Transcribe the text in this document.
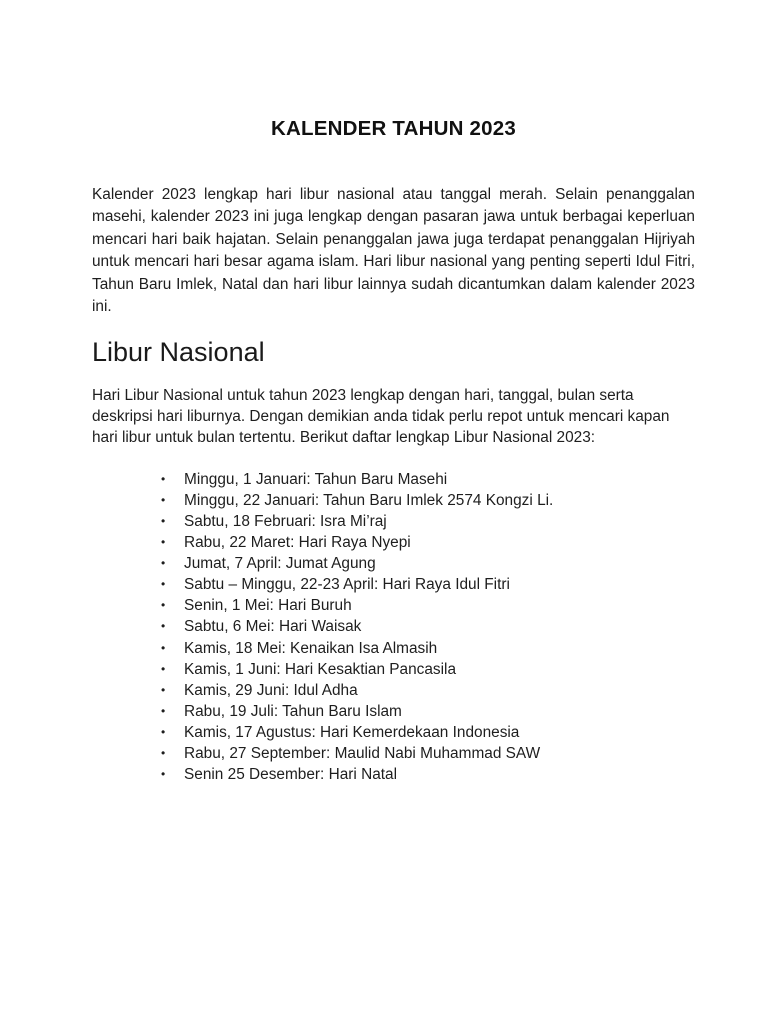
KALENDER TAHUN 2023

Kalender 2023 lengkap hari libur nasional atau tanggal merah. Selain penanggalan masehi, kalender 2023 ini juga lengkap dengan pasaran jawa untuk berbagai keperluan mencari hari baik hajatan. Selain penanggalan jawa juga terdapat penanggalan Hijriyah untuk mencari hari besar agama islam. Hari libur nasional yang penting seperti Idul Fitri, Tahun Baru Imlek, Natal dan hari libur lainnya sudah dicantumkan dalam kalender 2023 ini.

Libur Nasional

Hari Libur Nasional untuk tahun 2023 lengkap dengan hari, tanggal, bulan serta deskripsi hari liburnya. Dengan demikian anda tidak perlu repot untuk mencari kapan hari libur untuk bulan tertentu. Berikut daftar lengkap Libur Nasional 2023:

• Minggu, 1 Januari: Tahun Baru Masehi
• Minggu, 22 Januari: Tahun Baru Imlek 2574 Kongzi Li.
• Sabtu, 18 Februari: Isra Mi’raj
• Rabu, 22 Maret: Hari Raya Nyepi
• Jumat, 7 April: Jumat Agung
• Sabtu – Minggu, 22-23 April: Hari Raya Idul Fitri
• Senin, 1 Mei: Hari Buruh
• Sabtu, 6 Mei: Hari Waisak
• Kamis, 18 Mei: Kenaikan Isa Almasih
• Kamis, 1 Juni: Hari Kesaktian Pancasila
• Kamis, 29 Juni: Idul Adha
• Rabu, 19 Juli: Tahun Baru Islam
• Kamis, 17 Agustus: Hari Kemerdekaan Indonesia
• Rabu, 27 September: Maulid Nabi Muhammad SAW
• Senin 25 Desember: Hari Natal
